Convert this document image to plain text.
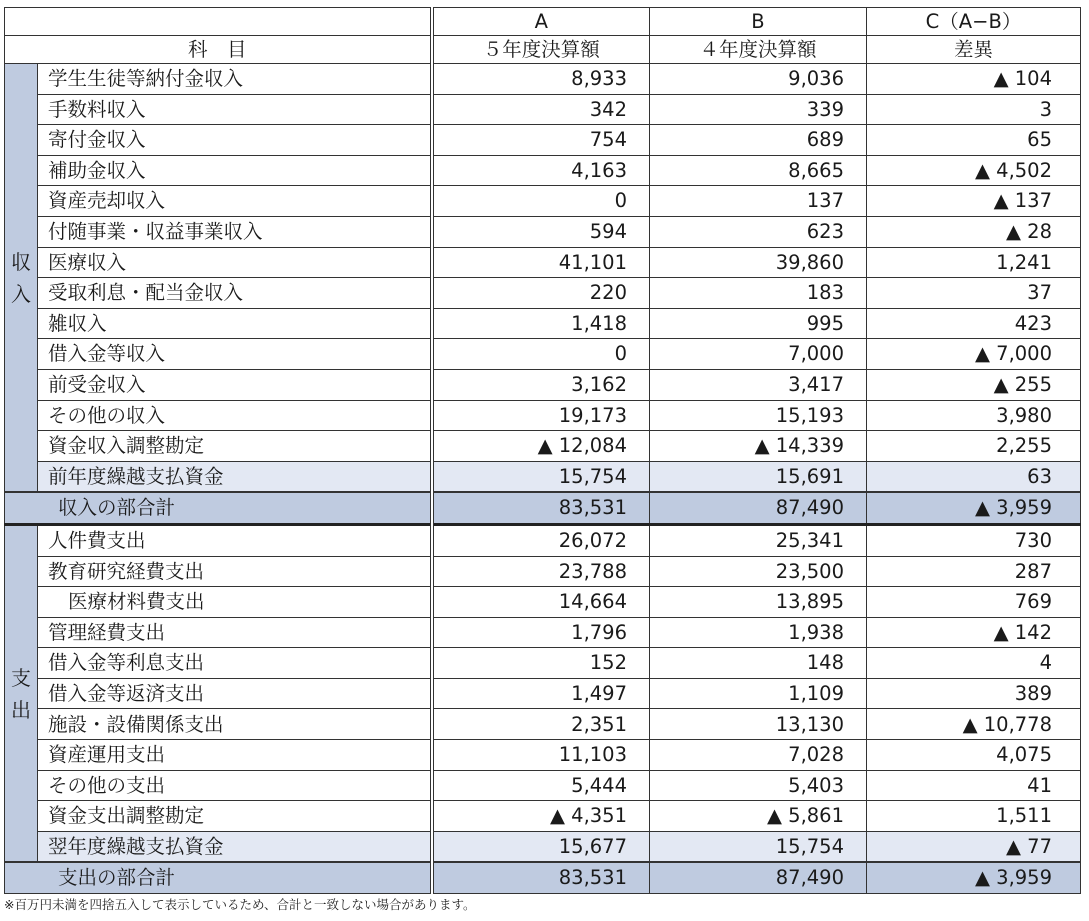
		A	B	C（A−B）
科　目		５年度決算額	４年度決算額	差異

収
入	学生生徒等納付金収入	8,933	9,036	▲ 104
	手数料収入	342	339	3
	寄付金収入	754	689	65
	補助金収入	4,163	8,665	▲ 4,502
	資産売却収入	0	137	▲ 137
	付随事業・収益事業収入	594	623	▲ 28
	医療収入	41,101	39,860	1,241
	受取利息・配当金収入	220	183	37
	雑収入	1,418	995	423
	借入金等収入	0	7,000	▲ 7,000
	前受金収入	3,162	3,417	▲ 255
	その他の収入	19,173	15,193	3,980
	資金収入調整勘定	▲ 12,084	▲ 14,339	2,255
	前年度繰越支払資金	15,754	15,691	63
収入の部合計		83,531	87,490	▲ 3,959

支
出	人件費支出	26,072	25,341	730
	教育研究経費支出	23,788	23,500	287
	医療材料費支出	14,664	13,895	769
	管理経費支出	1,796	1,938	▲ 142
	借入金等利息支出	152	148	4
	借入金等返済支出	1,497	1,109	389
	施設・設備関係支出	2,351	13,130	▲ 10,778
	資産運用支出	11,103	7,028	4,075
	その他の支出	5,444	5,403	41
	資金支出調整勘定	▲ 4,351	▲ 5,861	1,511
	翌年度繰越支払資金	15,677	15,754	▲ 77
支出の部合計		83,531	87,490	▲ 3,959
※百万円未満を四捨五入して表示しているため、合計と一致しない場合があります。
